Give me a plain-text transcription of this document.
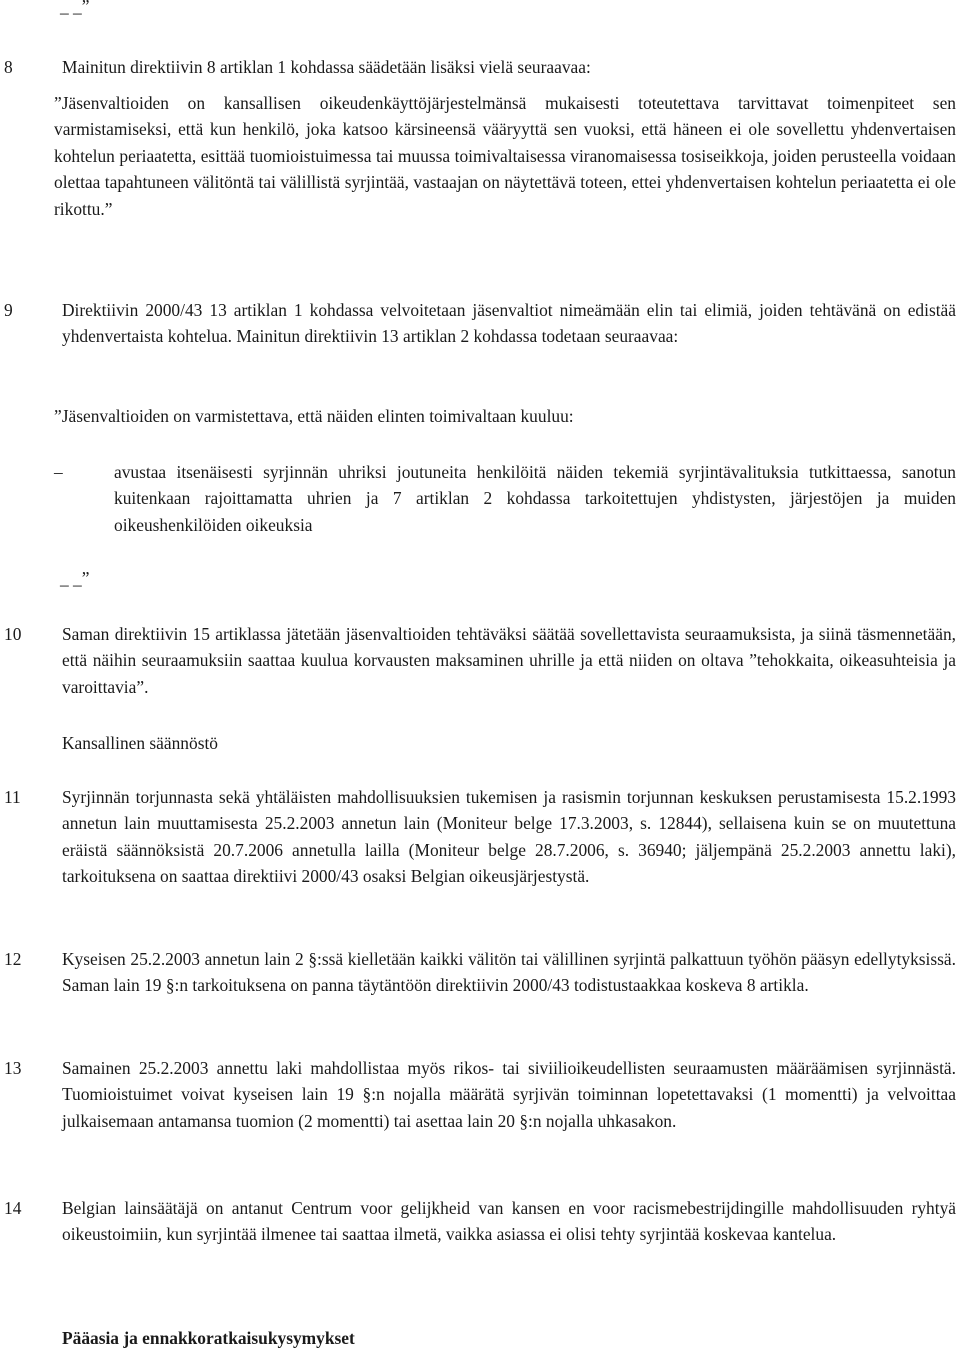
_ _”

8	Mainitun direktiivin 8 artiklan 1 kohdassa säädetään lisäksi vielä seuraavaa:

”Jäsenvaltioiden on kansallisen oikeudenkäyttöjärjestelmänsä mukaisesti toteutettava tarvittavat toimenpiteet sen varmistamiseksi, että kun henkilö, joka katsoo kärsineensä vääryyttä sen vuoksi, että häneen ei ole sovellettu yhdenvertaisen kohtelun periaatetta, esittää tuomioistuimessa tai muussa toimivaltaisessa viranomaisessa tosiseikkoja, joiden perusteella voidaan olettaa tapahtuneen välitöntä tai välillistä syrjintää, vastaajan on näytettävä toteen, ettei yhdenvertaisen kohtelun periaatetta ei ole rikottu.”

9	Direktiivin 2000/43 13 artiklan 1 kohdassa velvoitetaan jäsenvaltiot nimeämään elin tai elimiä, joiden tehtävänä on edistää yhdenvertaista kohtelua. Mainitun direktiivin 13 artiklan 2 kohdassa todetaan seuraavaa:

”Jäsenvaltioiden on varmistettava, että näiden elinten toimivaltaan kuuluu:

–	avustaa itsenäisesti syrjinnän uhriksi joutuneita henkilöitä näiden tekemiä syrjintävalituksia tutkittaessa, sanotun kuitenkaan rajoittamatta uhrien ja 7 artiklan 2 kohdassa tarkoitettujen yhdistysten, järjestöjen ja muiden oikeushenkilöiden oikeuksia

_ _”

10 Saman direktiivin 15 artiklassa jätetään jäsenvaltioiden tehtäväksi säätää sovellettavista seuraamuksista, ja siinä täsmennetään, että näihin seuraamuksiin saattaa kuulua korvausten maksaminen uhrille ja että niiden on oltava ”tehokkaita, oikeasuhteisia ja varoittavia”.

Kansallinen säännöstö
11 Syrjinnän torjunnasta sekä yhtäläisten mahdollisuuksien tukemisen ja rasismin torjunnan keskuksen perustamisesta 15.2.1993 annetun lain muuttamisesta 25.2.2003 annetun lain (Moniteur belge 17.3.2003, s. 12844), sellaisena kuin se on muutettuna eräistä säännöksistä 20.7.2006 annetulla lailla (Moniteur belge 28.7.2006, s. 36940; jäljempänä 25.2.2003 annettu laki), tarkoituksena on saattaa direktiivi 2000/43 osaksi Belgian oikeusjärjestystä.

12 Kyseisen 25.2.2003 annetun lain 2 §:ssä kielletään kaikki välitön tai välillinen syrjintä palkattuun työhön pääsyn edellytyksissä. Saman lain 19 §:n tarkoituksena on panna täytäntöön direktiivin 2000/43 todistustaakkaa koskeva 8 artikla.

13 Samainen 25.2.2003 annettu laki mahdollistaa myös rikos- tai siviilioikeudellisten seuraamusten määräämisen syrjinnästä. Tuomioistuimet voivat kyseisen lain 19 §:n nojalla määrätä syrjivän toiminnan lopetettavaksi (1 momentti) ja velvoittaa julkaisemaan antamansa tuomion (2 momentti) tai asettaa lain 20 §:n nojalla uhkasakon.

14 Belgian lainsäätäjä on antanut Centrum voor gelijkheid van kansen en voor racismebestrijdingille mahdollisuuden ryhtyä oikeustoimiin, kun syrjintää ilmenee tai saattaa ilmetä, vaikka asiassa ei olisi tehty syrjintää koskevaa kantelua.

Pääasia ja ennakkoratkaisukysymykset
